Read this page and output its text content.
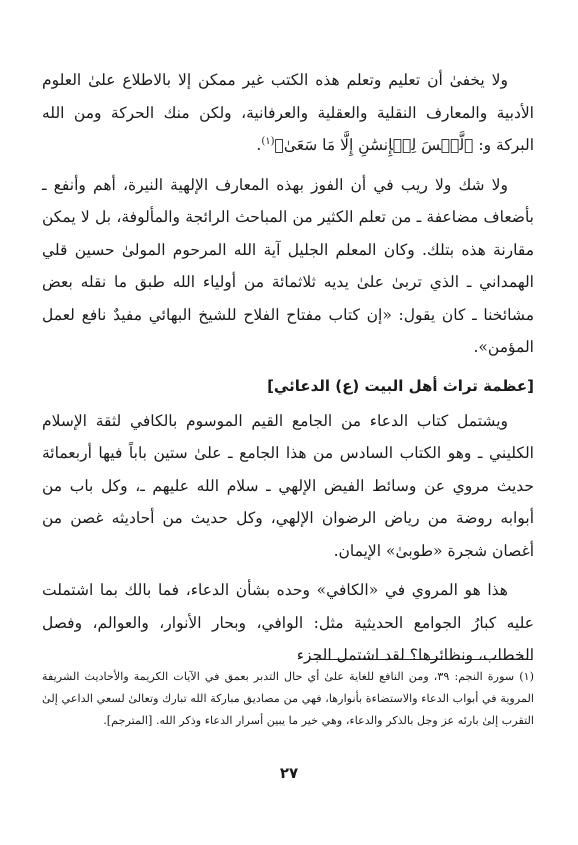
ولا يخفىٰ أن تعليم وتعلم هذه الكتب غير ممكن إلا بالاطلاع علىٰ العلوم الأدبية والمعارف النقلية والعقلية والعرفانية، ولكن منك الحركة ومن الله البركة و: ﴿لَّيۡسَ لِلۡإِنسَٰنِ إِلَّا مَا سَعَىٰ﴾$^{(١)}$.

ولا شك ولا ريب في أن الفوز بهذه المعارف الإلهية النيرة، أهم وأنفع ـ بأضعاف مضاعفة ـ من تعلم الكثير من المباحث الرائجة والمألوفة، بل لا يمكن مقارنة هذه بتلك. وكان المعلم الجليل آية الله المرحوم المولىٰ حسين قلي الهمداني ـ الذي تربىٰ علىٰ يديه ثلاثمائة من أولياء الله طبق ما نقله بعض مشائخنا ـ كان يقول: «إن كتاب مفتاح الفلاح للشيخ البهائي مفيدٌ نافع لعمل المؤمن».

[عظمة تراث أهل البيت (ع) الدعائي]

ويشتمل كتاب الدعاء من الجامع القيم الموسوم بالكافي لثقة الإسلام الكليني ـ وهو الكتاب السادس من هذا الجامع ـ علىٰ ستين باباً فيها أربعمائة حديث مروي عن وسائط الفيض الإلهي ـ سلام الله عليهم ـ، وكل باب من أبوابه روضة من رياض الرضوان الإلهي، وكل حديث من أحاديثه غصن من أغصان شجرة «طوبىٰ» الإيمان.

هذا هو المروي في «الكافي» وحده بشأن الدعاء، فما بالك بما اشتملت عليه كبارُ الجوامع الحديثية مثل: الوافي، وبحار الأنوار، والعوالم، وفصل الخطاب، ونظائرها؟ لقد اشتمل الجزء

(١) سورة النجم: ٣٩، ومن النافع للغاية علىٰ أي حال التدبر بعمق في الآيات الكريمة والأحاديث الشريفة المروية في أبواب الدعاء والاستضاءة بأنوارها، فهي من مصاديق مباركة الله تبارك وتعالىٰ لسعي الداعي إلىٰ التقرب إلىٰ بارئه عز وجل بالذكر والدعاء، وهي خير ما يبين أسرار الدعاء وذكر الله. [المترجم].

٢٧
